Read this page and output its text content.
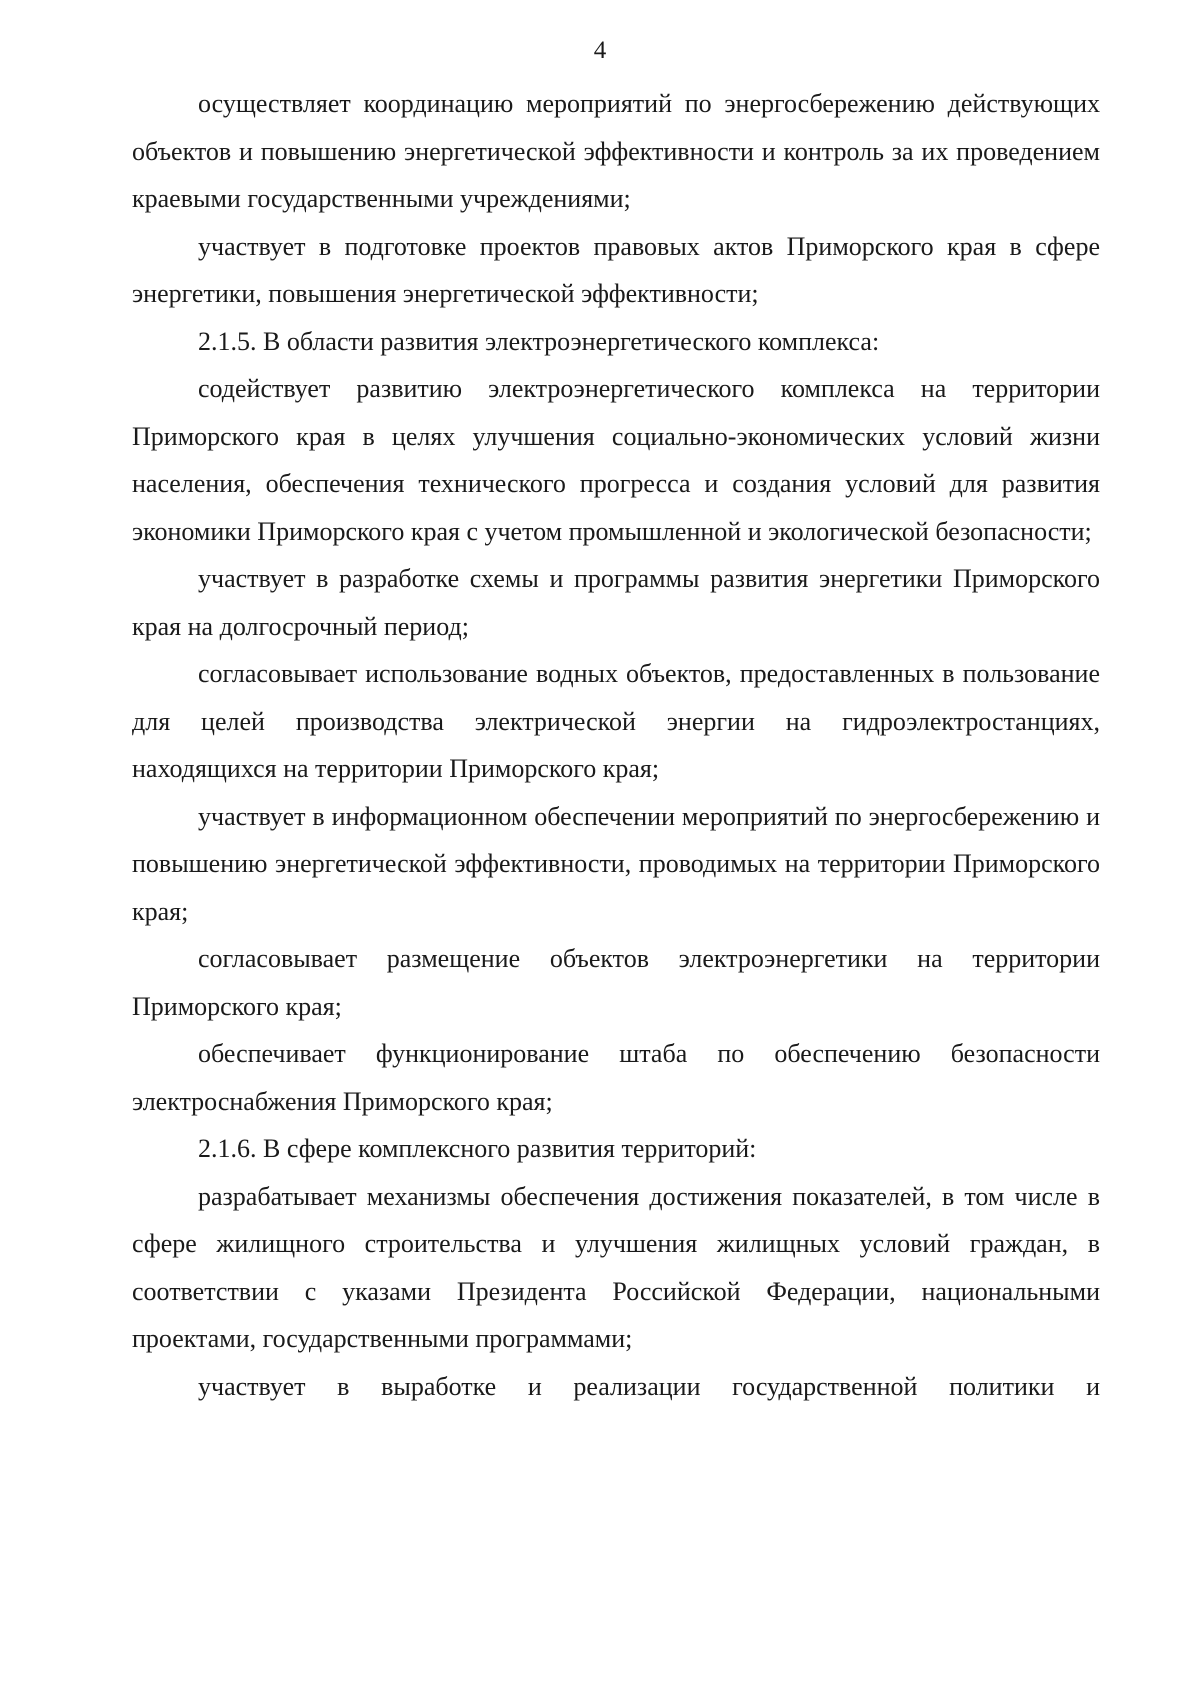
4

осуществляет координацию мероприятий по энергосбережению действующих объектов и повышению энергетической эффективности и контроль за их проведением краевыми государственными учреждениями;

участвует в подготовке проектов правовых актов Приморского края в сфере энергетики, повышения энергетической эффективности;

2.1.5. В области развития электроэнергетического комплекса:

содействует развитию электроэнергетического комплекса на территории Приморского края в целях улучшения социально-экономических условий жизни населения, обеспечения технического прогресса и создания условий для развития экономики Приморского края с учетом промышленной и экологической безопасности;

участвует в разработке схемы и программы развития энергетики Приморского края на долгосрочный период;

согласовывает использование водных объектов, предоставленных в пользование для целей производства электрической энергии на гидроэлектростанциях, находящихся на территории Приморского края;

участвует в информационном обеспечении мероприятий по энергосбережению и повышению энергетической эффективности, проводимых на территории Приморского края;

согласовывает размещение объектов электроэнергетики на территории Приморского края;

обеспечивает функционирование штаба по обеспечению безопасности электроснабжения Приморского края;

2.1.6. В сфере комплексного развития территорий:

разрабатывает механизмы обеспечения достижения показателей, в том числе в сфере жилищного строительства и улучшения жилищных условий граждан, в соответствии с указами Президента Российской Федерации, национальными проектами, государственными программами;

участвует в выработке и реализации государственной политики и
